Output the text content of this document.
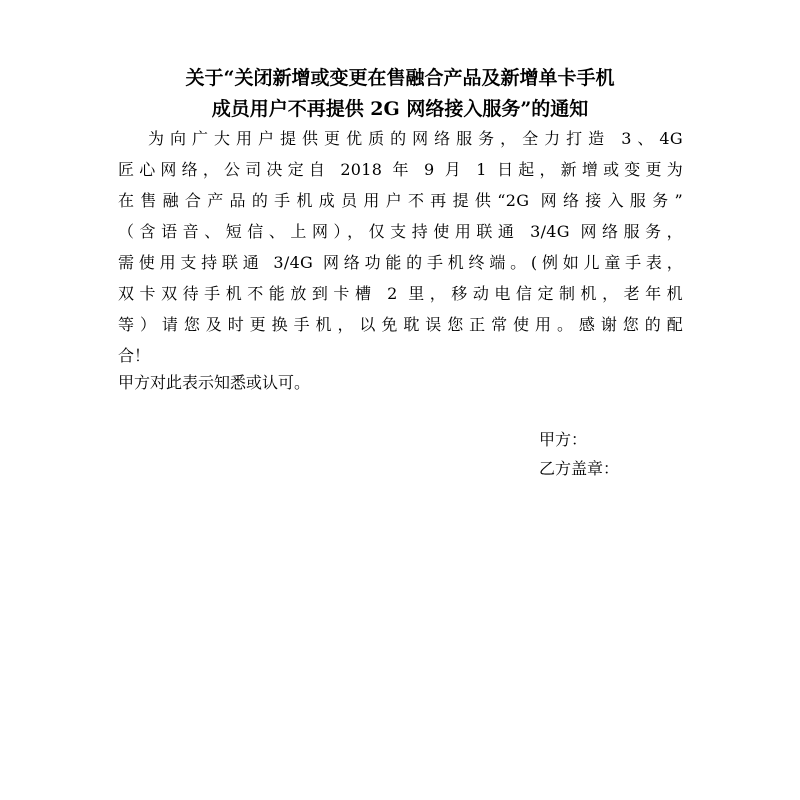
关于“关闭新增或变更在售融合产品及新增单卡手机
成员用户不再提供 2G 网络接入服务”的通知
为向广大用户提供更优质的网络服务，全力打造 3、4G
匠心网络，公司决定自 2018 年 9 月 1 日起，新增或变更为
在售融合产品的手机成员用户不再提供“2G 网络接入服务”
（含语音、短信、上网），仅支持使用联通 3/4G 网络服务，
需使用支持联通 3/4G 网络功能的手机终端。(例如儿童手表，
双卡双待手机不能放到卡槽 2 里，移动电信定制机，老年机
等）请您及时更换手机，以免耽误您正常使用。感谢您的配
合！
甲方对此表示知悉或认可。
甲方：
乙方盖章：
